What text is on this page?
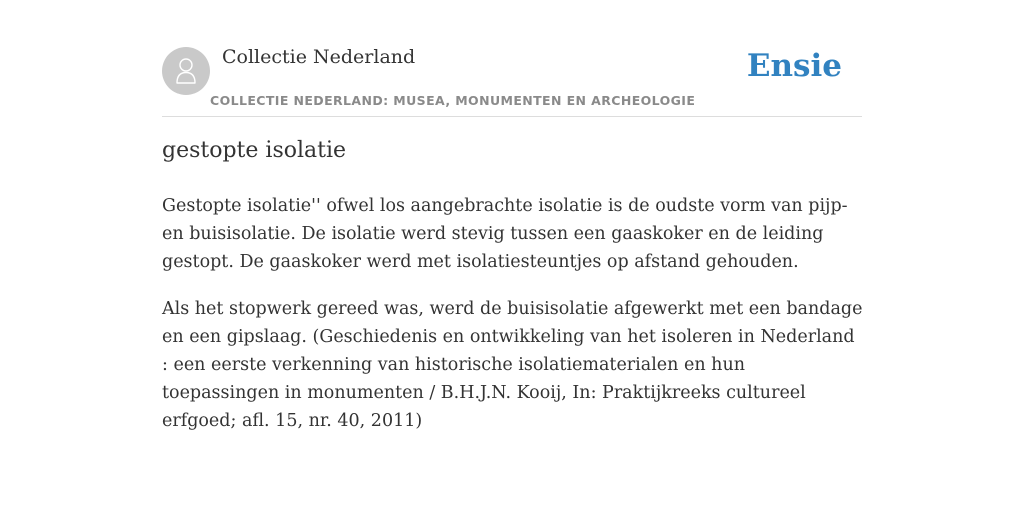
Collectie Nederland
COLLECTIE NEDERLAND: MUSEA, MONUMENTEN EN ARCHEOLOGIE
Ensie
gestopte isolatie

Gestopte isolatie'' ofwel los aangebrachte isolatie is de oudste vorm van pijp- en buisisolatie. De isolatie werd stevig tussen een gaaskoker en de leiding gestopt. De gaaskoker werd met isolatiesteuntjes op afstand gehouden.

Als het stopwerk gereed was, werd de buisisolatie afgewerkt met een bandage en een gipslaag. (Geschiedenis en ontwikkeling van het isoleren in Nederland : een eerste verkenning van historische isolatiematerialen en hun toepassingen in monumenten / B.H.J.N. Kooij, In: Praktijkreeks cultureel erfgoed; afl. 15, nr. 40, 2011)
